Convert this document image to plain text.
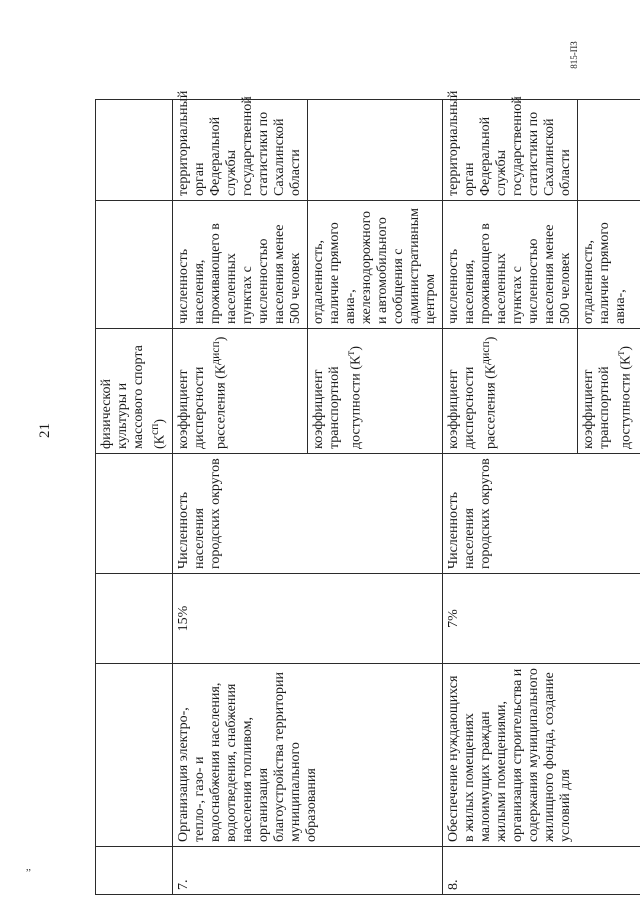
21
815-ПЗ
,,
				физической культуры и массового спорта $(К^{сп})$		
7.	Организация электро-, тепло-, газо- и водоснабжения населения, водоотведения, снабжения населения топливом, организация благоустройства территории муниципального образования	15%	Численность населения городских округов	коэффициент дисперсности расселения $(К^{дисп})$	численность населения, проживающего в населенных пунктах с численностью населения менее 500 человек	территориальный орган Федеральной службы государственной статистики по Сахалинской области
				коэффициент транспортной доступности $(К^т)$	отдаленность, наличие прямого авиа-, железнодорожного и автомобильного сообщения с административным центром	
8.	Обеспечение нуждающихся в жилых помещениях малоимущих граждан жилыми помещениями, организация строительства и содержания муниципального жилищного фонда, создание условий для	7%	Численность населения городских округов	коэффициент дисперсности расселения $(К^{дисп})$	численность населения, проживающего в населенных пунктах с численностью населения менее 500 человек	территориальный орган Федеральной службы государственной статистики по Сахалинской области
				коэффициент транспортной доступности $(К^т)$	отдаленность, наличие прямого авиа-,	
